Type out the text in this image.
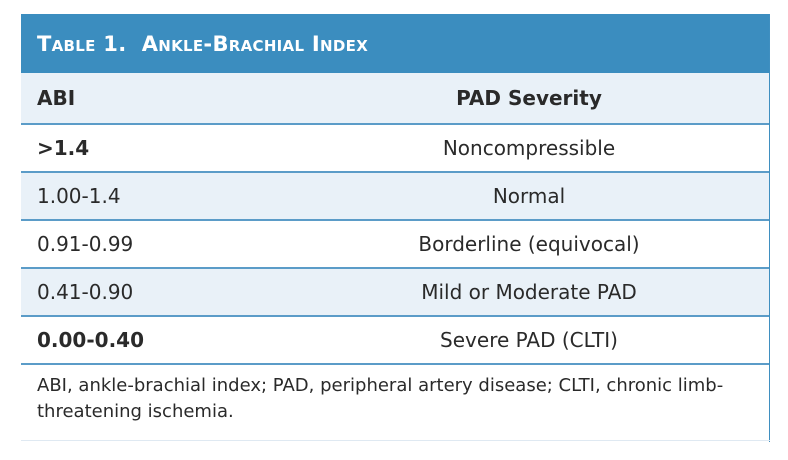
Table 1.  Ankle-Brachial Index
ABI	PAD Severity
>1.4	Noncompressible
1.00-1.4	Normal
0.91-0.99	Borderline (equivocal)
0.41-0.90	Mild or Moderate PAD
0.00-0.40	Severe PAD (CLTI)
ABI, ankle-brachial index; PAD, peripheral artery disease; CLTI, chronic limb-threatening ischemia.
